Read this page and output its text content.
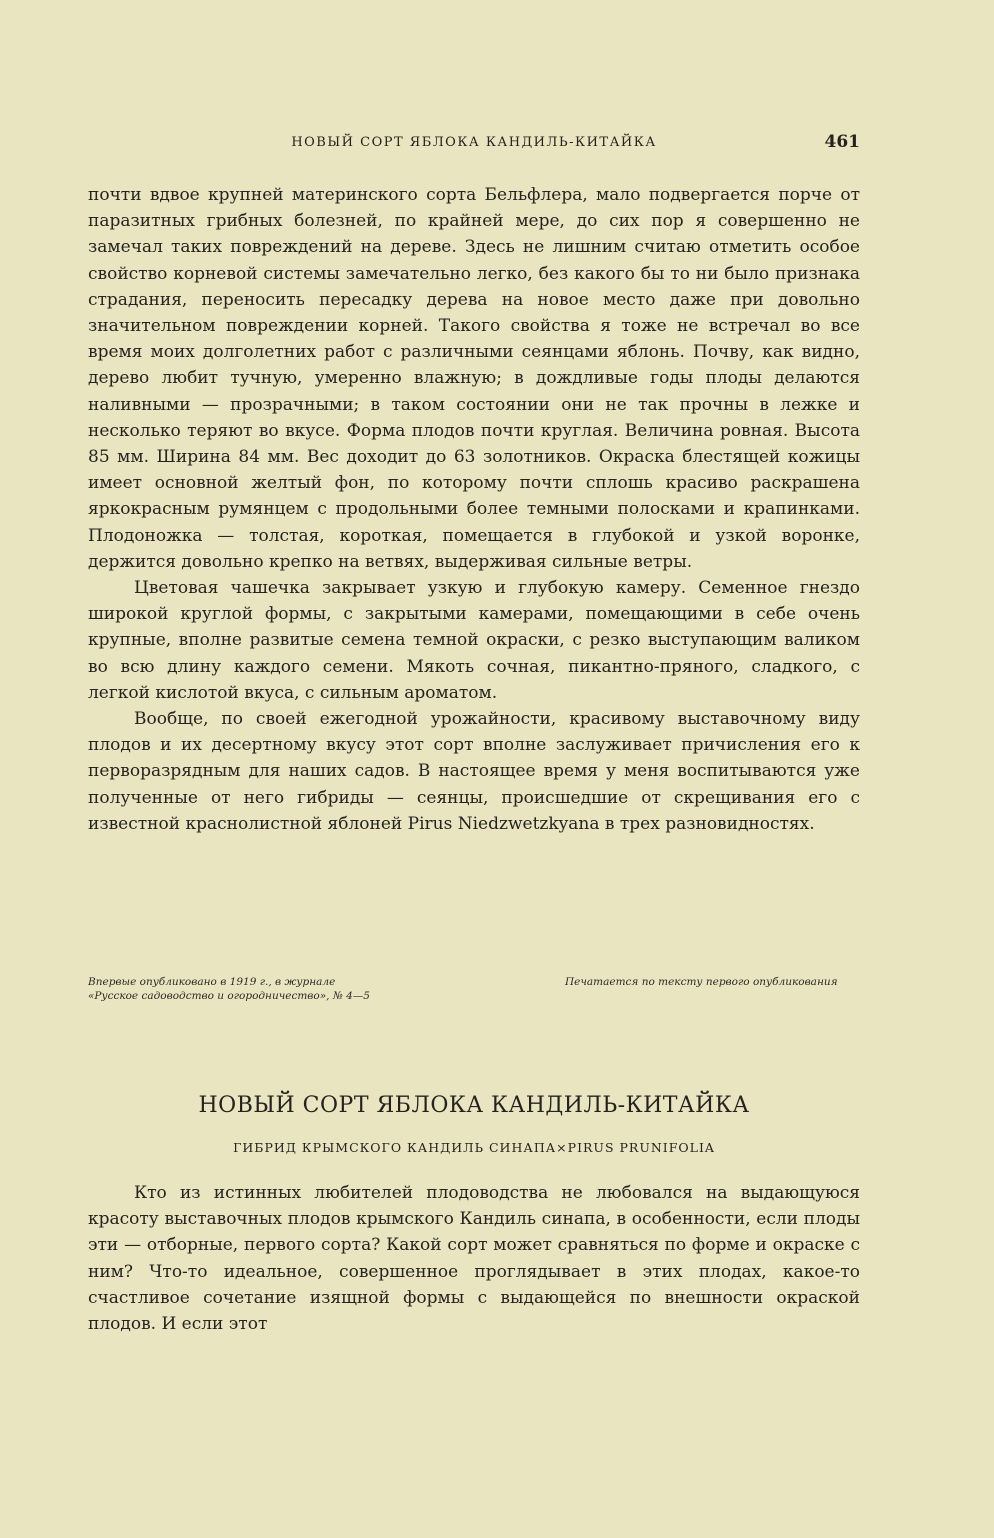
НОВЫЙ СОРТ ЯБЛОКА КАНДИЛЬ-КИТАЙКА	461

почти вдвое крупней материнского сорта Бельфлера, мало подвергается порче от паразитных грибных болезней, по крайней мере, до сих пор я совершенно не замечал таких повреждений на дереве. Здесь не лишним считаю отметить особое свойство корневой системы замечательно легко, без какого бы то ни было признака страдания, переносить пересадку дерева на новое место даже при довольно значительном повреждении корней. Такого свойства я тоже не встречал во все время моих долголетних работ с различными сеянцами яблонь. Почву, как видно, дерево любит тучную, умеренно влажную; в дождливые годы плоды делаются наливными — прозрачными; в таком состоянии они не так прочны в лежке и несколько теряют во вкусе. Форма плодов почти круглая. Величина ровная. Высота 85 мм. Ширина 84 мм. Вес доходит до 63 золотников. Окраска блестящей кожицы имеет основной желтый фон, по которому почти сплошь красиво раскрашена яркокрасным румянцем с продольными более темными полосками и крапинками. Плодоножка — толстая, короткая, помещается в глубокой и узкой воронке, держится довольно крепко на ветвях, выдерживая сильные ветры.

Цветовая чашечка закрывает узкую и глубокую камеру. Семенное гнездо широкой круглой формы, с закрытыми камерами, помещающими в себе очень крупные, вполне развитые семена темной окраски, с резко выступающим валиком во всю длину каждого семени. Мякоть сочная, пикантно-пряного, сладкого, с легкой кислотой вкуса, с сильным ароматом.

Вообще, по своей ежегодной урожайности, красивому выставочному виду плодов и их десертному вкусу этот сорт вполне заслуживает причисления его к перворазрядным для наших садов. В настоящее время у меня воспитываются уже полученные от него гибриды — сеянцы, происшедшие от скрещивания его с известной краснолистной яблоней Pirus Niedzwetzkyana в трех разновидностях.

Впервые опубликовано в 1919 г., в журнале «Русское садоводство и огородничество», № 4—5
Печатается по тексту первого опубликования
НОВЫЙ СОРТ ЯБЛОКА КАНДИЛЬ-КИТАЙКА
ГИБРИД КРЫМСКОГО КАНДИЛЬ СИНАПА×PIRUS PRUNIFOLIA

Кто из истинных любителей плодоводства не любовался на выдающуюся красоту выставочных плодов крымского Кандиль синапа, в особенности, если плоды эти — отборные, первого сорта? Какой сорт может сравняться по форме и окраске с ним? Что-то идеальное, совершенное проглядывает в этих плодах, какое-то счастливое сочетание изящной формы с выдающейся по внешности окраской плодов. И если этот
